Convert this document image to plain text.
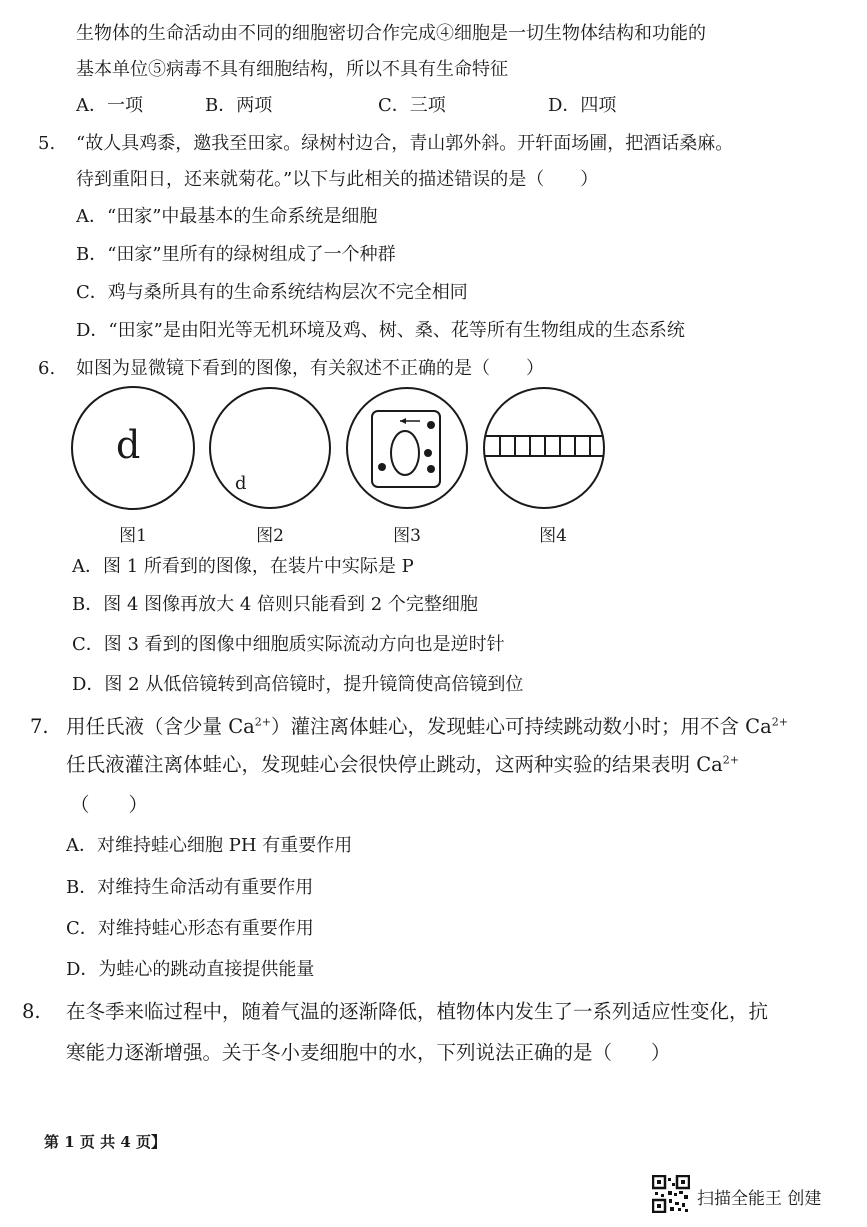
生物体的生命活动由不同的细胞密切合作完成④细胞是一切生物体结构和功能的
基本单位⑤病毒不具有细胞结构，所以不具有生命特征
A．一项	B．两项	C．三项	D．四项
5. “故人具鸡黍，邀我至田家。绿树村边合，青山郭外斜。开轩面场圃，把酒话桑麻。
待到重阳日，还来就菊花。”以下与此相关的描述错误的是（　　）
A．“田家”中最基本的生命系统是细胞
B．“田家”里所有的绿树组成了一个种群
C．鸡与桑所具有的生命系统结构层次不完全相同
D．“田家”是由阳光等无机环境及鸡、树、桑、花等所有生物组成的生态系统
6. 如图为显微镜下看到的图像，有关叙述不正确的是（　　）
d
d
图1	图2	图3	图4
A．图 1 所看到的图像，在装片中实际是 P
B．图 4 图像再放大 4 倍则只能看到 2 个完整细胞
C．图 3 看到的图像中细胞质实际流动方向也是逆时针
D．图 2 从低倍镜转到高倍镜时，提升镜筒使高倍镜到位
7. 用任氏液（含少量 $Ca^{2+}$）灌注离体蛙心，发现蛙心可持续跳动数小时；用不含 $Ca^{2+}$
任氏液灌注离体蛙心，发现蛙心会很快停止跳动，这两种实验的结果表明 $Ca^{2+}$
（　　）
A．对维持蛙心细胞 PH 有重要作用
B．对维持生命活动有重要作用
C．对维持蛙心形态有重要作用
D．为蛙心的跳动直接提供能量
8. 在冬季来临过程中，随着气温的逐渐降低，植物体内发生了一系列适应性变化，抗
寒能力逐渐增强。关于冬小麦细胞中的水，下列说法正确的是（　　）
第 1 页 共 4 页】
扫描全能王 创建
